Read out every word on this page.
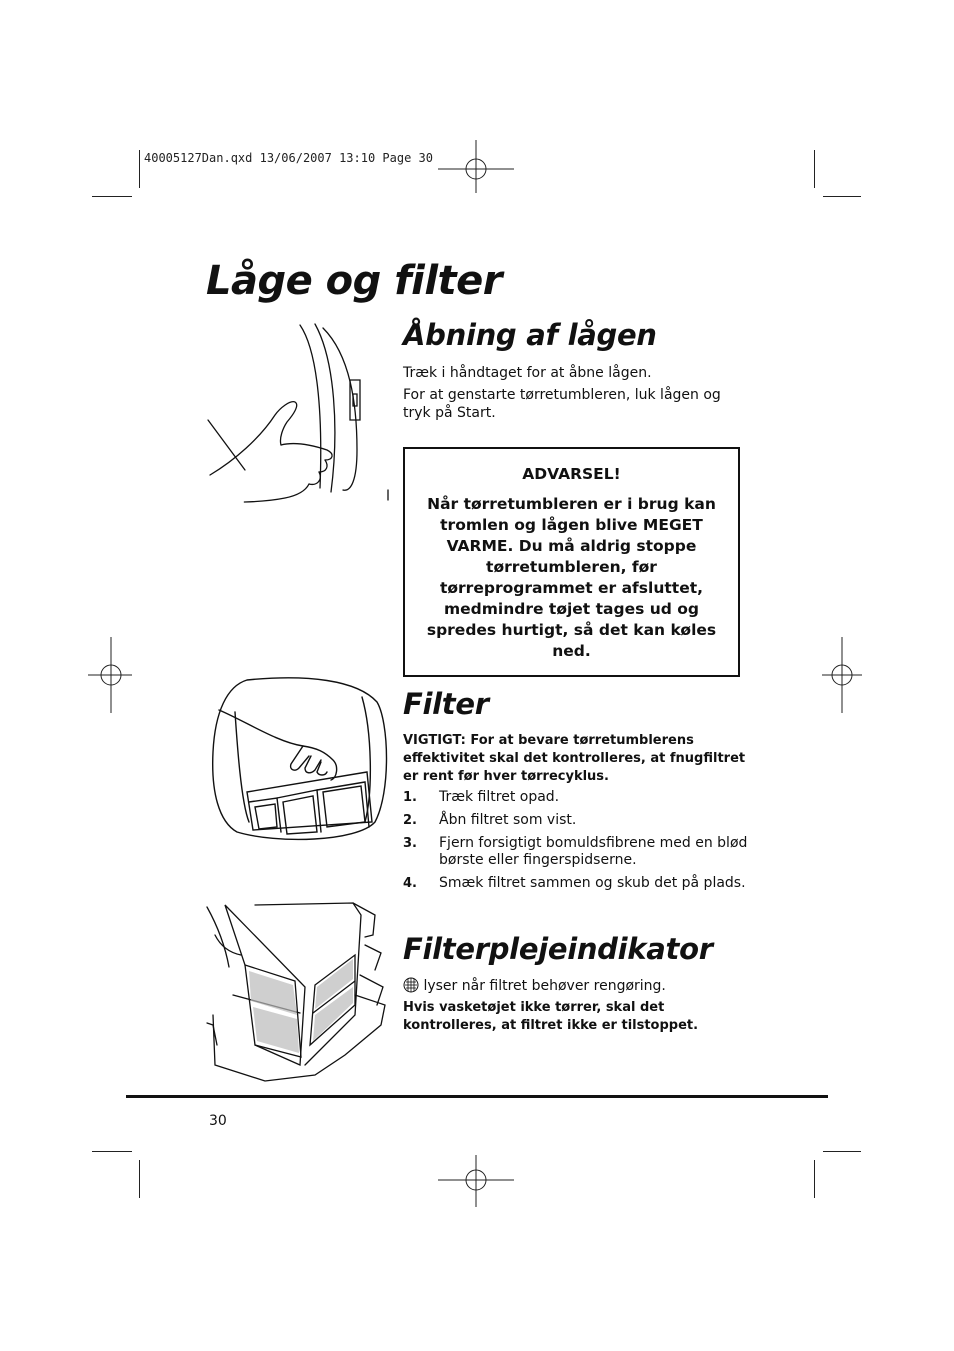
40005127Dan.qxd 13/06/2007 13:10 Page 30
Låge og filter
Åbning af lågen

Træk i håndtaget for at åbne lågen.

For at genstarte tørretumbleren, luk lågen og tryk på Start.

ADVARSEL!
Når tørretumbleren er i brug kan tromlen og lågen blive MEGET VARME. Du må aldrig stoppe tørretumbleren, før tørreprogrammet er afsluttet, medmindre tøjet tages ud og spredes hurtigt, så det kan køles ned.
Filter

VIGTIGT: For at bevare tørretumblerens effektivitet skal det kontrolleres, at fnugfiltret er rent før hver tørrecyklus.

1.	Træk filtret opad.
2.	Åbn filtret som vist.
3.	Fjern forsigtigt bomuldsfibrene med en blød børste eller fingerspidserne.
4.	Smæk filtret sammen og skub det på plads.
Filterplejeindikator
lyser når filtret behøver rengøring.

Hvis vasketøjet ikke tørrer, skal det kontrolleres, at filtret ikke er tilstoppet.

30
